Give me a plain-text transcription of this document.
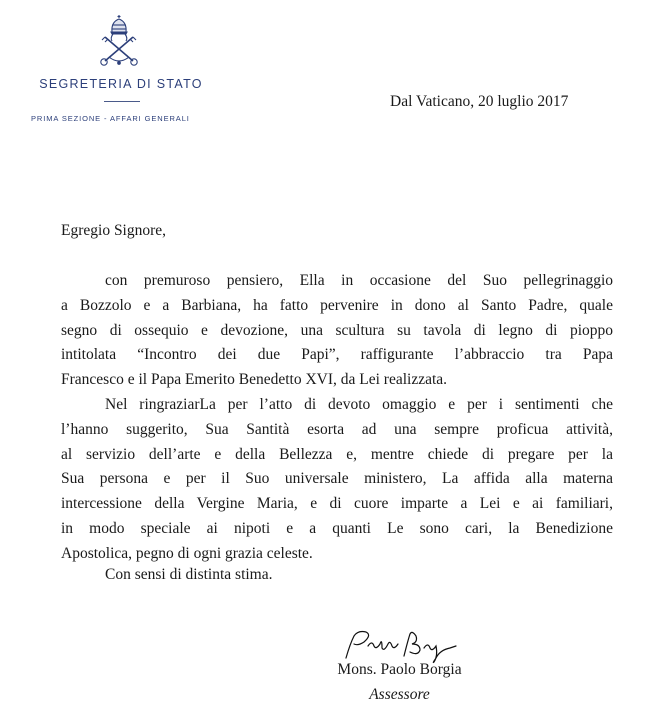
SEGRETERIA DI STATO
PRIMA SEZIONE - AFFARI GENERALI
Dal Vaticano, 20 luglio 2017
Egregio Signore,
con premuroso pensiero, Ella in occasione del Suo pellegrinaggio
a Bozzolo e a Barbiana, ha fatto pervenire in dono al Santo Padre, quale
segno di ossequio e devozione, una scultura su tavola di legno di pioppo
intitolata “Incontro dei due Papi”, raffigurante l’abbraccio tra Papa
Francesco e il Papa Emerito Benedetto XVI, da Lei realizzata.
Nel ringraziarLa per l’atto di devoto omaggio e per i sentimenti che
l’hanno suggerito, Sua Santità esorta ad una sempre proficua attività,
al servizio dell’arte e della Bellezza e, mentre chiede di pregare per la
Sua persona e per il Suo universale ministero, La affida alla materna
intercessione della Vergine Maria, e di cuore imparte a Lei e ai familiari,
in modo speciale ai nipoti e a quanti Le sono cari, la Benedizione
Apostolica, pegno di ogni grazia celeste.
Con sensi di distinta stima.
Mons. Paolo Borgia
Assessore
